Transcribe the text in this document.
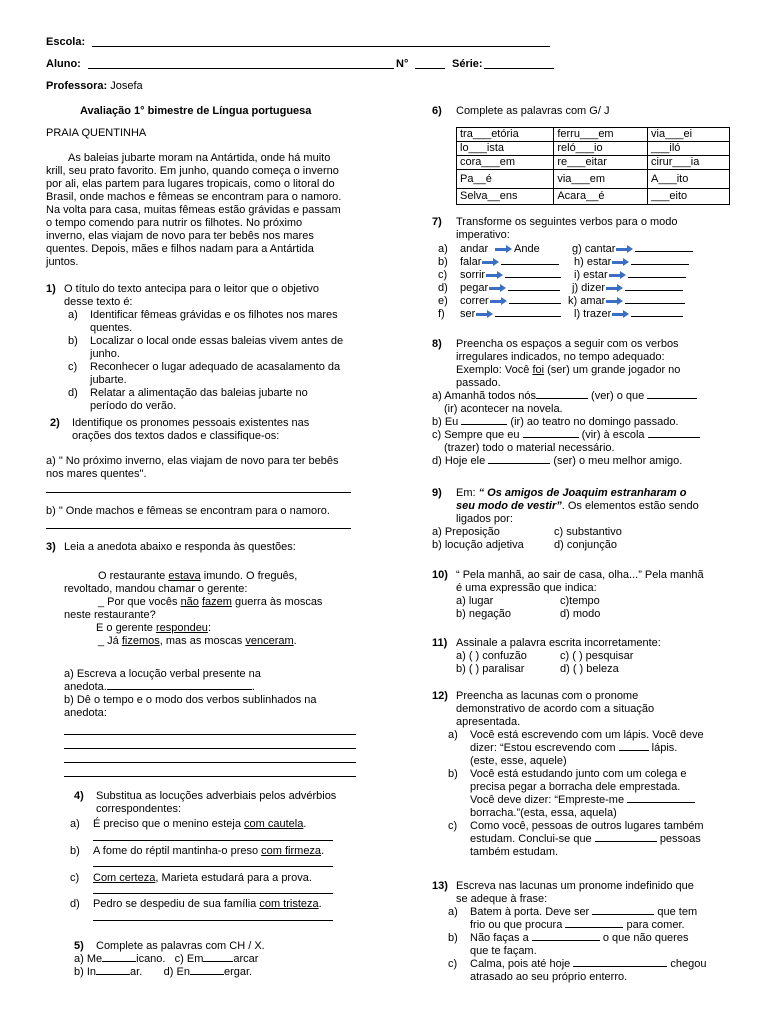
Escola:
Aluno:	N°	Série:
Professora: Josefa
Avaliação 1° bimestre de Língua portuguesa
PRAIA QUENTINHA
As baleias jubarte moram na Antártida, onde há muito
krill, seu prato favorito. Em junho, quando começa o inverno
por ali, elas partem para lugares tropicais, como o litoral do
Brasil, onde machos e fêmeas se encontram para o namoro.
Na volta para casa, muitas fêmeas estão grávidas e passam
o tempo comendo para nutrir os filhotes. No próximo
inverno, elas viajam de novo para ter bebês nos mares
quentes. Depois, mães e filhos nadam para a Antártida
juntos.
1) O título do texto antecipa para o leitor que o objetivo
desse texto é:
a) Identificar fêmeas grávidas e os filhotes nos mares
quentes.
b) Localizar o local onde essas baleias vivem antes de
junho.
c) Reconhecer o lugar adequado de acasalamento da
jubarte.
d) Relatar a alimentação das baleias jubarte no
período do verão.
2) Identifique os pronomes pessoais existentes nas
orações dos textos dados e classifique-os:
a) " No próximo inverno, elas viajam de novo para ter bebês
nos mares quentes".
b) " Onde machos e fêmeas se encontram para o namoro.
3) Leia a anedota abaixo e responda às questões:
O restaurante estava imundo. O freguês,
revoltado, mandou chamar o gerente:
_ Por que vocês não fazem guerra às moscas
neste restaurante?
E o gerente respondeu:
_ Já fizemos, mas as moscas venceram.
a) Escreva a locução verbal presente na
anedota.	.
b) Dê o tempo e o modo dos verbos sublinhados na
anedota:
4) Substitua as locuções adverbiais pelos advérbios
correspondentes:
a) É preciso que o menino esteja com cautela.
b) A fome do réptil mantinha-o preso com firmeza.
c) Com certeza, Marieta estudará para a prova.
d) Pedro se despediu de sua família com tristeza.
5) Complete as palavras com CH / X.
a) Me	icano. c) Em	arcar
b) In	ar. d) En	ergar.
6) Complete as palavras com G/ J
tra___etória	ferru___em	via___ei
lo___ista	reló___io	___iló
cora___em	re___eitar	cirur___ia
Pa__é	via___em	A___ito
Selva__ens	Acara__é	___eito
7) Transforme os seguintes verbos para o modo
imperativo:
a) andar	Ande	g) cantar
b) falar	h) estar
c) sorrir	i) estar
d) pegar	j) dizer
e) correr	k) amar
f) ser	l) trazer
8) Preencha os espaços a seguir com os verbos
irregulares indicados, no tempo adequado:
Exemplo: Você foi (ser) um grande jogador no
passado.
a) Amanhã todos nós	(ver) o que
(ir) acontecer na novela.
b) Eu	(ir) ao teatro no domingo passado.
c) Sempre que eu	(vir) à escola
(trazer) todo o material necessário.
d) Hoje ele	(ser) o meu melhor amigo.
9) Em: “ Os amigos de Joaquim estranharam o
seu modo de vestir”. Os elementos estão sendo
ligados por:
a) Preposição	c) substantivo
b) locução adjetiva	d) conjunção
10) “ Pela manhã, ao sair de casa, olha...” Pela manhã
é uma expressão que indica:
a) lugar	c)tempo
b) negação	d) modo
11) Assinale a palavra escrita incorretamente:
a) ( ) confuzão	c) ( ) pesquisar
b) ( ) paralisar	d) ( ) beleza
12) Preencha as lacunas com o pronome
demonstrativo de acordo com a situação
apresentada.
a) Você está escrevendo com um lápis. Você deve
dizer: “Estou escrevendo com	lápis.
(este, esse, aquele)
b) Você está estudando junto com um colega e
precisa pegar a borracha dele emprestada.
Você deve dizer: “Empreste-me
borracha.”(esta, essa, aquela)
c) Como você, pessoas de outros lugares também
estudam. Conclui-se que	pessoas
também estudam.
13) Escreva nas lacunas um pronome indefinido que
se adeque à frase:
a) Batem à porta. Deve ser	que tem
frio ou que procura	para comer.
b) Não faças a	o que não queres
que te façam.
c) Calma, pois até hoje	chegou
atrasado ao seu próprio enterro.
